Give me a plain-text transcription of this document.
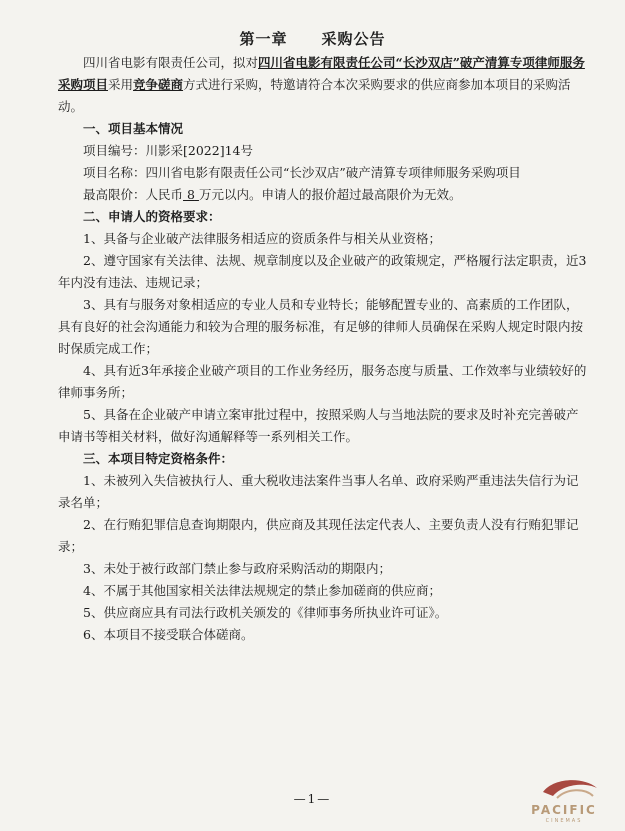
第一章 采购公告

四川省电影有限责任公司，拟对四川省电影有限责任公司“长沙双店”破产清算专项律师服务采购项目采用竞争磋商方式进行采购，特邀请符合本次采购要求的供应商参加本项目的采购活动。

一、项目基本情况

项目编号：川影采[2022]14号

项目名称：四川省电影有限责任公司“长沙双店”破产清算专项律师服务采购项目

最高限价：人民币 8 万元以内。申请人的报价超过最高限价为无效。

二、申请人的资格要求：

1、具备与企业破产法律服务相适应的资质条件与相关从业资格；

2、遵守国家有关法律、法规、规章制度以及企业破产的政策规定，严格履行法定职责，近3年内没有违法、违规记录；

3、具有与服务对象相适应的专业人员和专业特长；能够配置专业的、高素质的工作团队，具有良好的社会沟通能力和较为合理的服务标准，有足够的律师人员确保在采购人规定时限内按时保质完成工作；

4、具有近3年承接企业破产项目的工作业务经历，服务态度与质量、工作效率与业绩较好的律师事务所；

5、具备在企业破产申请立案审批过程中，按照采购人与当地法院的要求及时补充完善破产申请书等相关材料，做好沟通解释等一系列相关工作。

三、本项目特定资格条件：

1、未被列入失信被执行人、重大税收违法案件当事人名单、政府采购严重违法失信行为记录名单；

2、在行贿犯罪信息查询期限内，供应商及其现任法定代表人、主要负责人没有行贿犯罪记录；

3、未处于被行政部门禁止参与政府采购活动的期限内；

4、不属于其他国家相关法律法规规定的禁止参加磋商的供应商；

5、供应商应具有司法行政机关颁发的《律师事务所执业许可证》。

6、本项目不接受联合体磋商。

—1—
PACIFIC
CINEMAS
